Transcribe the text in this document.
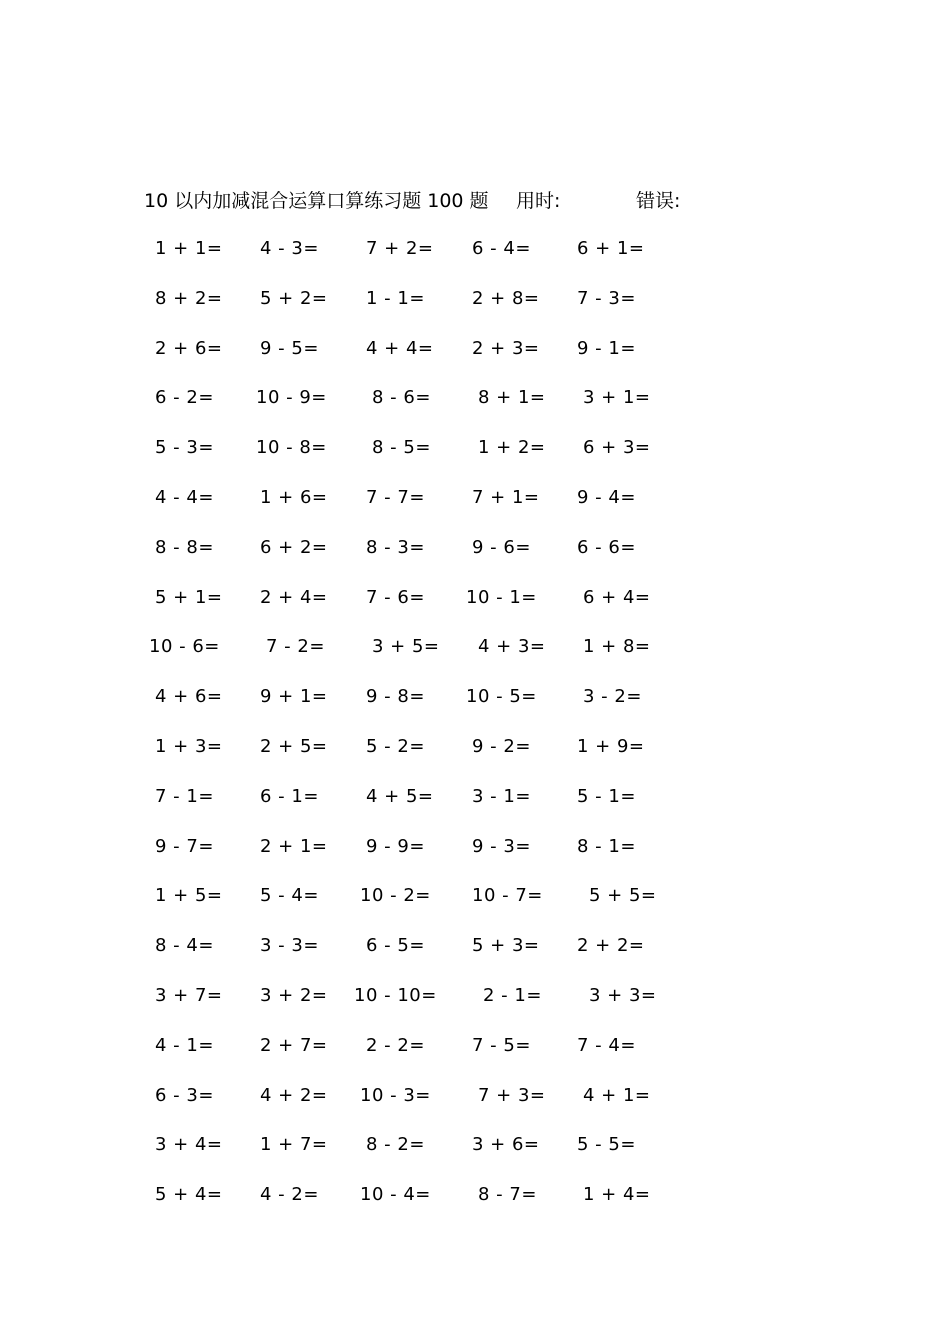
10 以内加减混合运算口算练习题 100 题 用时:	错误:
1 + 1= 4 - 3=	7 + 2= 6 - 4=	6 + 1=
8 + 2= 5 + 2= 1 - 1=	2 + 8= 7 - 3=
2 + 6= 9 - 5=	4 + 4= 2 + 3= 9 - 1=
6 - 2= 10 - 9=	8 - 6=	8 + 1= 3 + 1=
5 - 3= 10 - 8=	8 - 5=	1 + 2= 6 + 3=
4 - 4=	1 + 6= 7 - 7=	7 + 1= 9 - 4=
8 - 8=	6 + 2= 8 - 3=	9 - 6=	6 - 6=
5 + 1= 2 + 4= 7 - 6= 10 - 1=	6 + 4=
10 - 6=	7 - 2=	3 + 5= 4 + 3= 1 + 8=
4 + 6= 9 + 1= 9 - 8= 10 - 5=	3 - 2=
1 + 3= 2 + 5= 5 - 2=	9 - 2=	1 + 9=
7 - 1=	6 - 1=	4 + 5= 3 - 1=	5 - 1=
9 - 7=	2 + 1= 9 - 9=	9 - 3=	8 - 1=
1 + 5= 5 - 4= 10 - 2= 10 - 7=	5 + 5=
8 - 4=	3 - 3=	6 - 5=	5 + 3= 2 + 2=
3 + 7= 3 + 2= 10 - 10=	2 - 1=	3 + 3=
4 - 1=	2 + 7= 2 - 2=	7 - 5=	7 - 4=
6 - 3=	4 + 2= 10 - 3=	7 + 3= 4 + 1=
3 + 4= 1 + 7= 8 - 2=	3 + 6= 5 - 5=
5 + 4= 4 - 2= 10 - 4=	8 - 7=	1 + 4=
